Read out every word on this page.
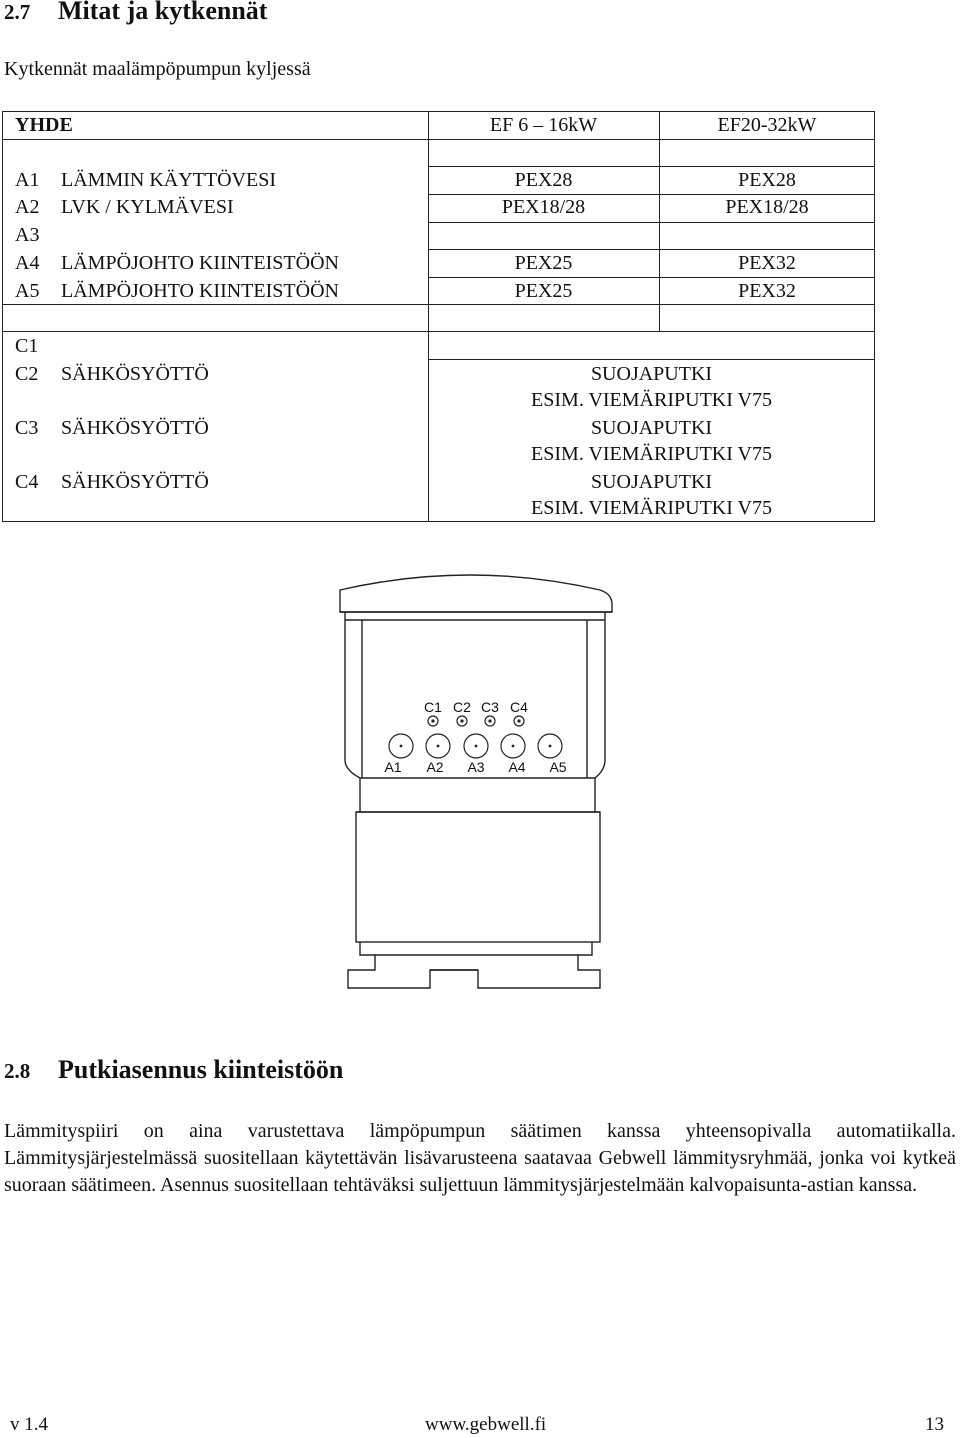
2.7 Mitat ja kytkennät
Kytkennät maalämpöpumpun kyljessä
YHDE	EF 6 – 16kW	EF20-32kW
A1 LÄMMIN KÄYTTÖVESI	PEX28	PEX28
A2 LVK / KYLMÄVESI	PEX18/28	PEX18/28
A3
A4 LÄMPÖJOHTO KIINTEISTÖÖN	PEX25	PEX32
A5 LÄMPÖJOHTO KIINTEISTÖÖN	PEX25	PEX32
C1
C2 SÄHKÖSYÖTTÖ	SUOJAPUTKI
ESIM. VIEMÄRIPUTKI V75
C3 SÄHKÖSYÖTTÖ	SUOJAPUTKI
ESIM. VIEMÄRIPUTKI V75
C4 SÄHKÖSYÖTTÖ	SUOJAPUTKI
ESIM. VIEMÄRIPUTKI V75
C1 C2 C3 C4
A1 A2 A3 A4 A5
2.8 Putkiasennus kiinteistöön

Lämmityspiiri on aina varustettava lämpöpumpun säätimen kanssa yhteensopivalla automatiikalla. Lämmitysjärjestelmässä suositellaan käytettävän lisävarusteena saatavaa Gebwell lämmitysryhmää, jonka voi kytkeä suoraan säätimeen. Asennus suositellaan tehtäväksi suljettuun lämmitysjärjestelmään kalvopaisunta-astian kanssa.

v 1.4	www.gebwell.fi	13
